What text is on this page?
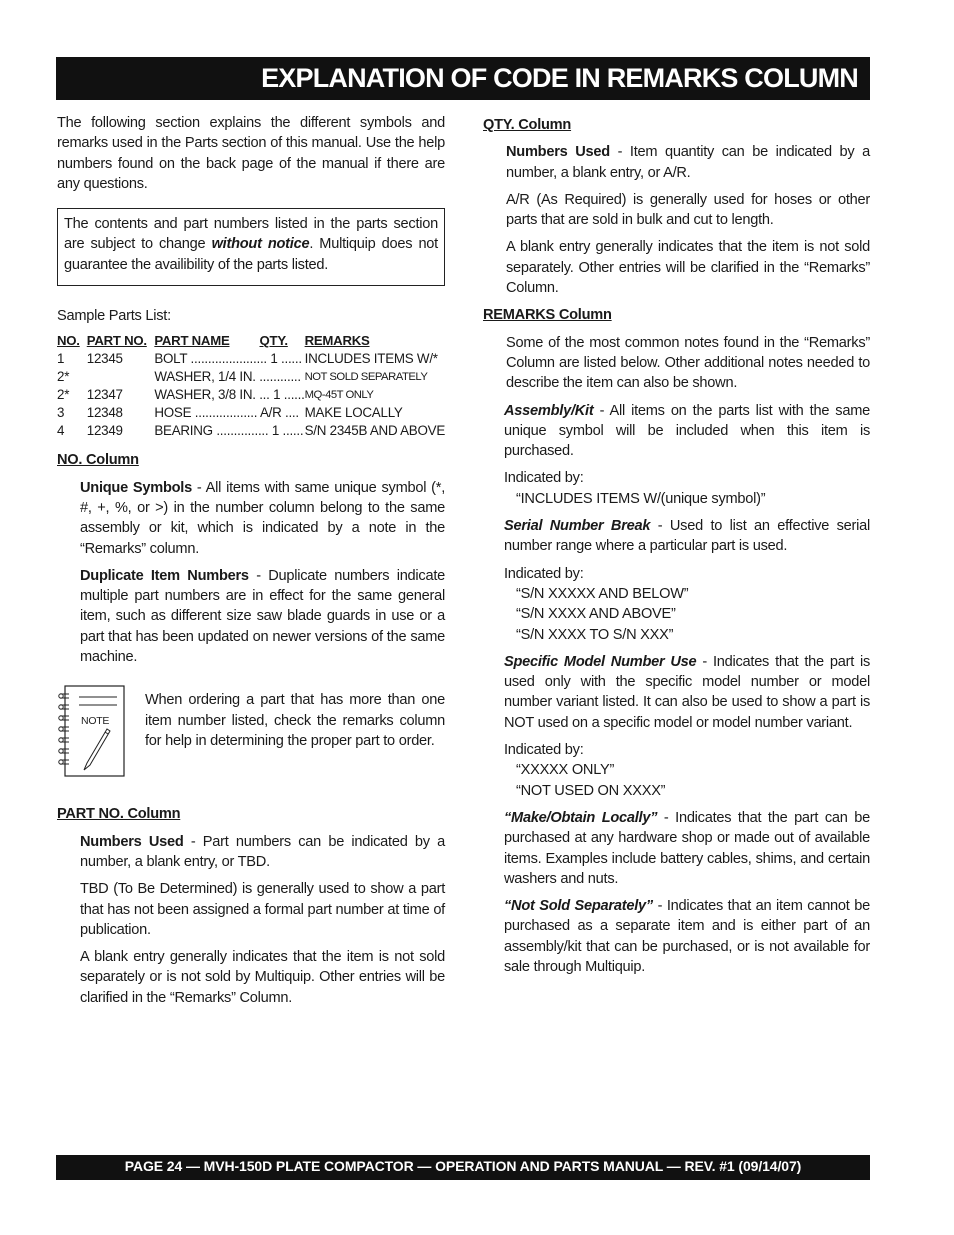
EXPLANATION OF CODE IN REMARKS COLUMN

The following section explains the different symbols and remarks used in the Parts section of this manual. Use the help numbers found on the back page of the manual if there are any questions.

The contents and part numbers listed in the parts section are subject to change without notice. Multiquip does not guarantee the availibility of the parts listed.

Sample Parts List:

NO.	PART NO.	PART NAME QTY.	REMARKS
1	12345	BOLT ...................... 1 ......	INCLUDES ITEMS W/*
2*		WASHER, 1/4 IN. ............	NOT SOLD SEPARATELY
2*	12347	WASHER, 3/8 IN. ... 1 ......	MQ-45T ONLY
3	12348	HOSE .................. A/R ....	MAKE LOCALLY
4	12349	BEARING ............... 1 ......	S/N 2345B AND ABOVE

NO. Column

Unique Symbols - All items with same unique symbol (*, #, +, %, or >) in the number column belong to the same assembly or kit, which is indicated by a note in the “Remarks” column.

Duplicate Item Numbers - Duplicate numbers indicate multiple part numbers are in effect for the same general item, such as different size saw blade guards in use or a part that has been updated on newer versions of the same machine.

NOTE

When ordering a part that has more than one item number listed, check the remarks column for help in determining the proper part to order.

PART NO. Column

Numbers Used - Part numbers can be indicated by a number, a blank entry, or TBD.

TBD (To Be Determined) is generally used to show a part that has not been assigned a formal part number at time of publication.

A blank entry generally indicates that the item is not sold separately or is not sold by Multiquip. Other entries will be clarified in the “Remarks” Column.

QTY. Column

Numbers Used - Item quantity can be indicated by a number, a blank entry, or A/R.

A/R (As Required) is generally used for hoses or other parts that are sold in bulk and cut to length.

A blank entry generally indicates that the item is not sold separately. Other entries will be clarified in the “Remarks” Column.

REMARKS Column

Some of the most common notes found in the “Remarks” Column are listed below. Other additional notes needed to describe the item can also be shown.

Assembly/Kit - All items on the parts list with the same unique symbol will be included when this item is purchased.

Indicated by:

“INCLUDES ITEMS W/(unique symbol)”

Serial Number Break - Used to list an effective serial number range where a particular part is used.

Indicated by:

“S/N XXXXX AND BELOW”

“S/N XXXX AND ABOVE”

“S/N XXXX TO S/N XXX”

Specific Model Number Use - Indicates that the part is used only with the specific model number or model number variant listed. It can also be used to show a part is NOT used on a specific model or model number variant.

Indicated by:

“XXXXX ONLY”

“NOT USED ON XXXX”

“Make/Obtain Locally” - Indicates that the part can be purchased at any hardware shop or made out of available items. Examples include battery cables, shims, and certain washers and nuts.

“Not Sold Separately” - Indicates that an item cannot be purchased as a separate item and is either part of an assembly/kit that can be purchased, or is not available for sale through Multiquip.

PAGE 24 — MVH-150D PLATE COMPACTOR — OPERATION AND PARTS MANUAL — REV. #1 (09/14/07)
